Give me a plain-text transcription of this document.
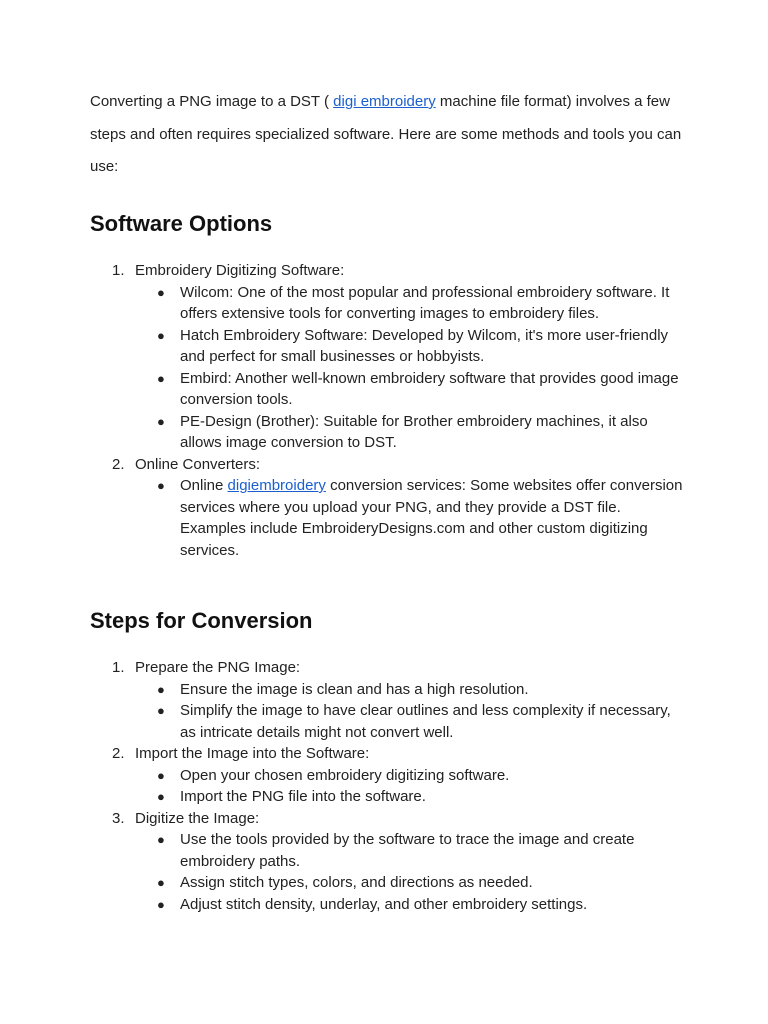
Converting a PNG image to a DST ( digi embroidery machine file format) involves a few steps and often requires specialized software. Here are some methods and tools you can use:

Software Options
1. Embroidery Digitizing Software:
● Wilcom: One of the most popular and professional embroidery software. It offers extensive tools for converting images to embroidery files.
● Hatch Embroidery Software: Developed by Wilcom, it's more user-friendly and perfect for small businesses or hobbyists.
● Embird: Another well-known embroidery software that provides good image conversion tools.
● PE-Design (Brother): Suitable for Brother embroidery machines, it also allows image conversion to DST.
2. Online Converters:
● Online digiembroidery conversion services: Some websites offer conversion services where you upload your PNG, and they provide a DST file. Examples include EmbroideryDesigns.com and other custom digitizing services.
Steps for Conversion
1. Prepare the PNG Image:
● Ensure the image is clean and has a high resolution.
● Simplify the image to have clear outlines and less complexity if necessary, as intricate details might not convert well.
2. Import the Image into the Software:
● Open your chosen embroidery digitizing software.
● Import the PNG file into the software.
3. Digitize the Image:
● Use the tools provided by the software to trace the image and create embroidery paths.
● Assign stitch types, colors, and directions as needed.
● Adjust stitch density, underlay, and other embroidery settings.
